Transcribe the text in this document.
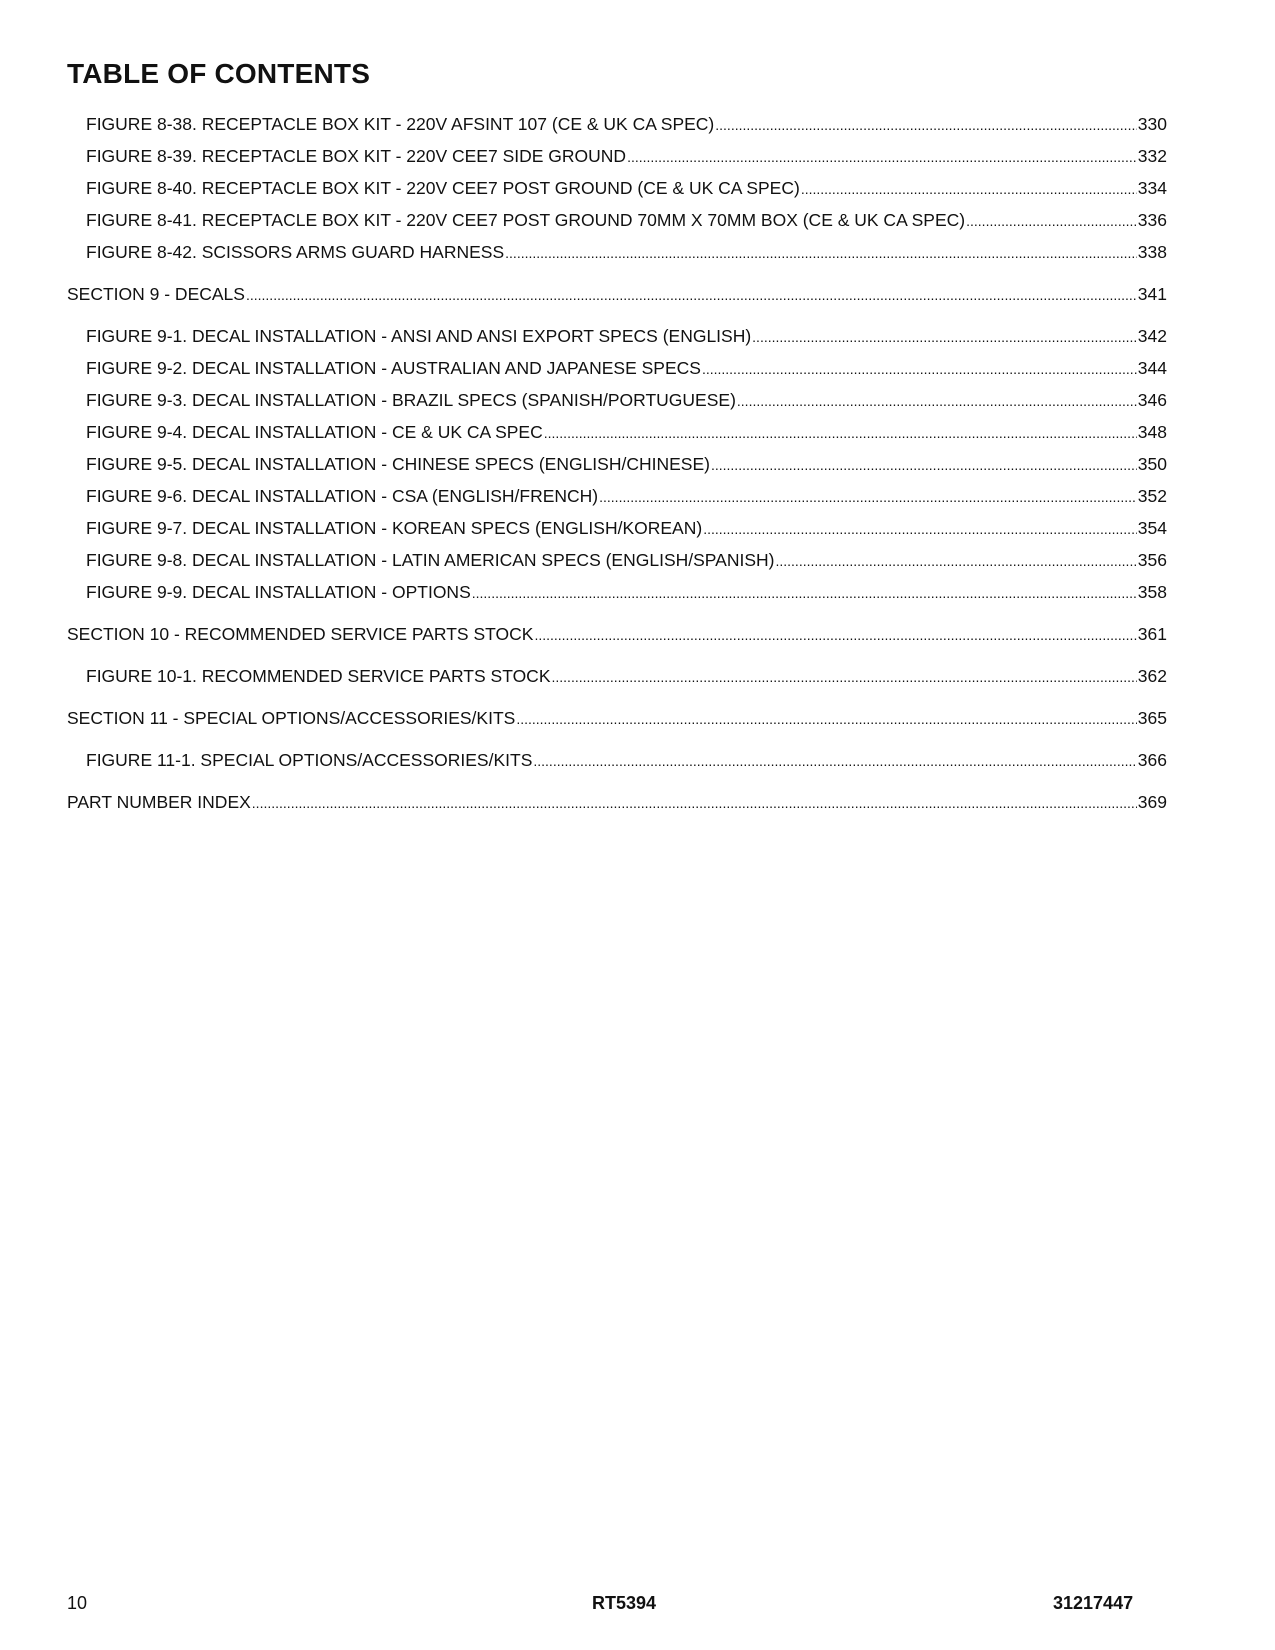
TABLE OF CONTENTS
FIGURE 8-38. RECEPTACLE BOX KIT - 220V AFSINT 107 (CE & UK CA SPEC) .....	330
FIGURE 8-39. RECEPTACLE BOX KIT - 220V CEE7 SIDE GROUND .....	332
FIGURE 8-40. RECEPTACLE BOX KIT - 220V CEE7 POST GROUND (CE & UK CA SPEC) .....	334
FIGURE 8-41. RECEPTACLE BOX KIT - 220V CEE7 POST GROUND 70MM X 70MM BOX (CE & UK CA SPEC) .....	336
FIGURE 8-42. SCISSORS ARMS GUARD HARNESS .....	338
SECTION 9 - DECALS .....	341
FIGURE 9-1. DECAL INSTALLATION - ANSI AND ANSI EXPORT SPECS (ENGLISH) .....	342
FIGURE 9-2. DECAL INSTALLATION - AUSTRALIAN AND JAPANESE SPECS .....	344
FIGURE 9-3. DECAL INSTALLATION - BRAZIL SPECS (SPANISH/PORTUGUESE) .....	346
FIGURE 9-4. DECAL INSTALLATION - CE & UK CA SPEC .....	348
FIGURE 9-5. DECAL INSTALLATION - CHINESE SPECS (ENGLISH/CHINESE) .....	350
FIGURE 9-6. DECAL INSTALLATION - CSA (ENGLISH/FRENCH) .....	352
FIGURE 9-7. DECAL INSTALLATION - KOREAN SPECS (ENGLISH/KOREAN) .....	354
FIGURE 9-8. DECAL INSTALLATION - LATIN AMERICAN SPECS (ENGLISH/SPANISH) .....	356
FIGURE 9-9. DECAL INSTALLATION - OPTIONS .....	358
SECTION 10 - RECOMMENDED SERVICE PARTS STOCK .....	361
FIGURE 10-1. RECOMMENDED SERVICE PARTS STOCK .....	362
SECTION 11 - SPECIAL OPTIONS/ACCESSORIES/KITS .....	365
FIGURE 11-1. SPECIAL OPTIONS/ACCESSORIES/KITS .....	366
PART NUMBER INDEX .....	369
10	RT5394	31217447
